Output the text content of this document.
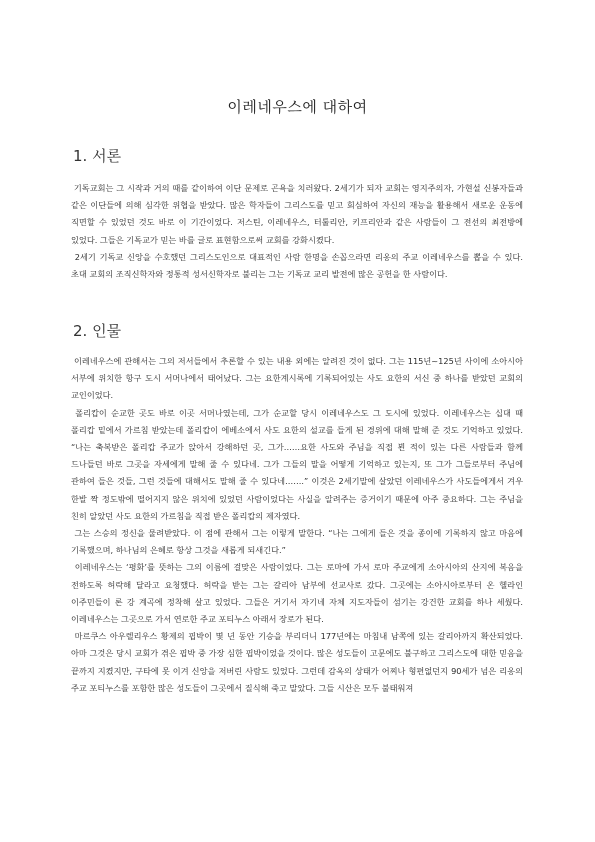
이레네우스에 대하여
1. 서론

기독교회는 그 시작과 거의 때를 같이하여 이단 문제로 곤욕을 치러왔다. 2세기가 되자 교회는 영지주의자, 가현설 신봉자들과 같은 이단들에 의해 심각한 위협을 받았다. 많은 학자들이 그리스도를 믿고 회심하여 자신의 재능을 활용해서 새로운 운동에 직면할 수 있었던 것도 바로 이 기간이었다. 저스틴, 이레네우스, 터툴리안, 키프리안과 같은 사람들이 그 전선의 최전방에 있었다. 그들은 기독교가 믿는 바를 글로 표현함으로써 교회를 강화시켰다.

2세기 기독교 신앙을 수호했던 그리스도인으로 대표적인 사람 한명을 손꼽으라면 리옹의 주교 이레네우스를 뽑을 수 있다. 초대 교회의 조직신학자와 정통적 성서신학자로 불리는 그는 기독교 교리 발전에 많은 공헌을 한 사람이다.

2. 인물

이레네우스에 관해서는 그의 저서들에서 추론할 수 있는 내용 외에는 알려진 것이 없다. 그는 115년~125년 사이에 소아시아 서부에 위치한 항구 도시 서머나에서 태어났다. 그는 요한계시록에 기록되어있는 사도 요한의 서신 중 하나를 받았던 교회의 교인이었다.

폴리캅이 순교한 곳도 바로 이곳 서머나였는데, 그가 순교할 당시 이레네우스도 그 도시에 있었다. 이레네우스는 십대 때 폴리캅 밑에서 가르침 받았는데 폴리캅이 에베소에서 사도 요한의 설교를 들게 된 경위에 대해 말해 준 것도 기억하고 있었다. “나는 축복받은 폴리캅 주교가 앉아서 강해하던 곳, 그가……요한 사도와 주님을 직접 뵌 적이 있는 다른 사람들과 함께 드나들던 바로 그곳을 자세에게 말해 줄 수 있다네. 그가 그들의 말을 어떻게 기억하고 있는지, 또 그가 그들로부터 주님에 관하여 들은 것들, 그런 것들에 대해서도 말해 줄 수 있다네…….” 이것은 2세기말에 살았던 이레네우스가 사도들에게서 겨우 한발 짝 정도밖에 떨어지지 않은 위치에 있었던 사람이었다는 사실을 알려주는 증거이기 때문에 아주 중요하다. 그는 주님을 친히 알았던 사도 요한의 가르침을 직접 받은 폴리캅의 제자였다.

그는 스승의 정신을 물려받았다. 이 점에 관해서 그는 이렇게 말한다. “나는 그에게 들은 것을 종이에 기록하지 않고 마음에 기록했으며, 하나님의 은혜로 항상 그것을 새롭게 되새긴다.”

이레네우스는 ‘평화’를 뜻하는 그의 이름에 걸맞은 사람이었다. 그는 로마에 가서 로마 주교에게 소아시아의 산지에 복음을 전하도록 허락해 달라고 요청했다. 허락을 받는 그는 갈리아 남부에 선교사로 갔다. 그곳에는 소아시아로부터 온 헬라인 이주민들이 론 강 계곡에 정착해 살고 있었다. 그들은 거기서 자기네 자체 지도자들이 섬기는 강건한 교회를 하나 세웠다. 이레네우스는 그곳으로 가서 연로한 주교 포티누스 아래서 장로가 된다.

마르쿠스 아우렐리우스 황제의 핍박이 몇 년 동안 기승을 부리더니 177년에는 마침내 남쪽에 있는 갈리아까지 확산되었다. 아마 그것은 당시 교회가 겪은 핍박 중 가장 심한 핍박이었을 것이다. 많은 성도들이 고문에도 불구하고 그리스도에 대한 믿음을 끝까지 지켰지만, 구타에 못 이겨 신앙을 저버린 사람도 있었다. 그런데 감옥의 상태가 어찌나 형편없던지 90세가 넘은 리옹의 주교 포티누스를 포함한 많은 성도들이 그곳에서 질식해 죽고 말았다. 그들 시산은 모두 불태워져
